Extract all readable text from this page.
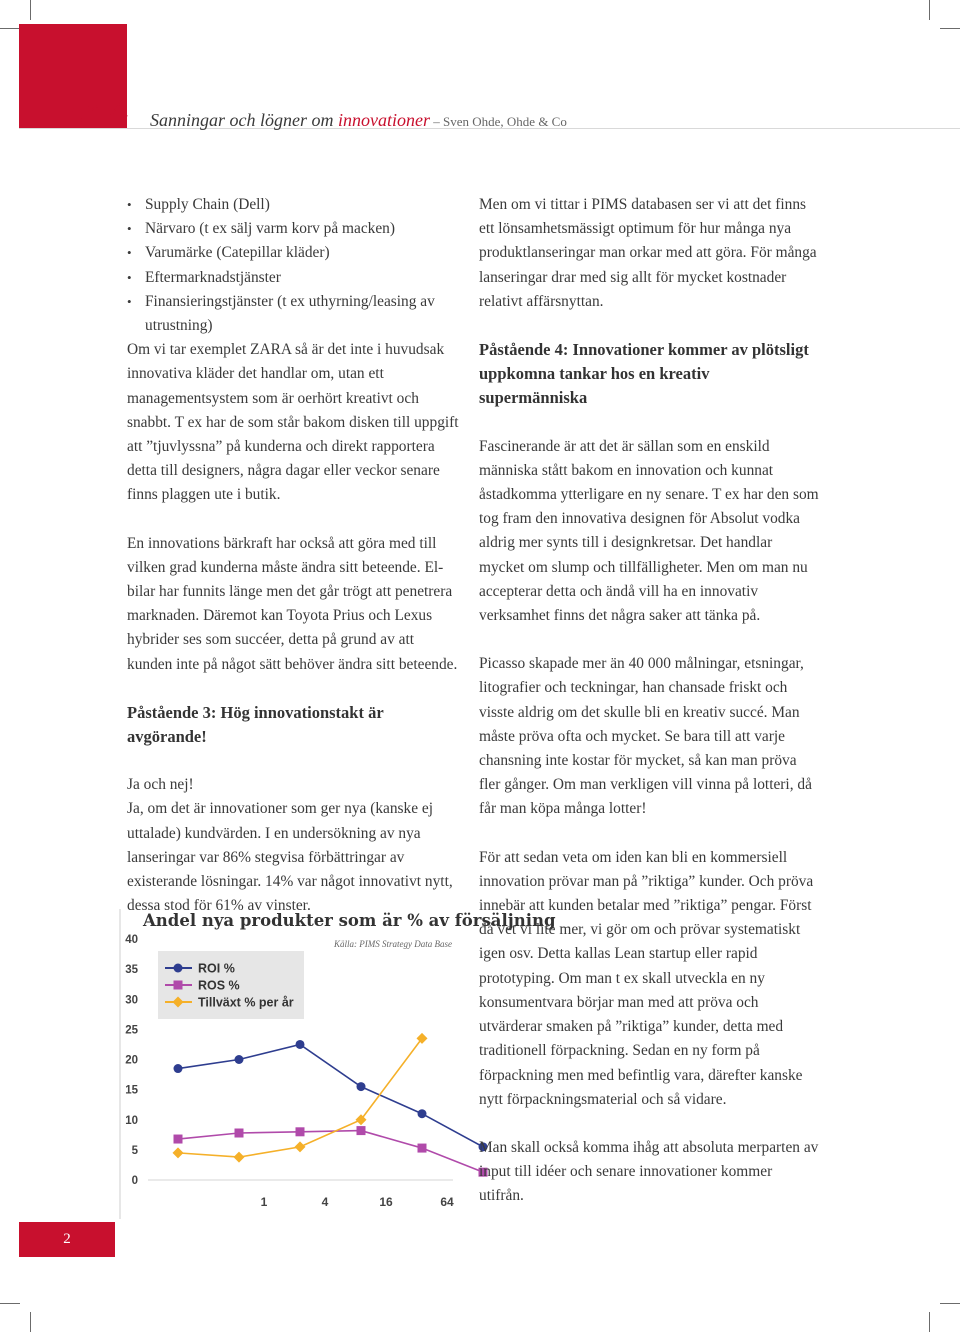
nr 4 Sanningar och lögner om innovationer – Sven Ohde, Ohde & Co
• Supply Chain (Dell)
• Närvaro (t ex sälj varm korv på macken)
• Varumärke (Catepillar kläder)
• Eftermarknadstjänster
• Finansieringstjänster (t ex uthyrning/leasing av utrustning)

Om vi tar exemplet ZARA så är det inte i huvudsak innovativa kläder det handlar om, utan ett managementsystem som är oerhört kreativt och snabbt. T ex har de som står bakom disken till uppgift att ”tjuvlyssna” på kunderna och direkt rapportera detta till designers, några dagar eller veckor senare finns plaggen ute i butik.

En innovations bärkraft har också att göra med till vilken grad kunderna måste ändra sitt beteende. El-bilar har funnits länge men det går trögt att penetrera marknaden. Däremot kan Toyota Prius och Lexus hybrider ses som succéer, detta på grund av att kunden inte på något sätt behöver ändra sitt beteende.

Påstående 3: Hög innovationstakt är avgörande!

Ja och nej!

Ja, om det är innovationer som ger nya (kanske ej uttalade) kundvärden. I en undersökning av nya lanseringar var 86% stegvisa förbättringar av existerande lösningar. 14% var något innovativt nytt, dessa stod för 61% av vinster.

Andel nya produkter som är % av försäljning
Källa: PIMS Strategy Data Base
0
5
10
15
20
25
30
35
40
1	4	16	64
ROI %
ROS %
Tillväxt % per år

Men om vi tittar i PIMS databasen ser vi att det finns ett lönsamhetsmässigt optimum för hur många nya produktlanseringar man orkar med att göra. För många lanseringar drar med sig allt för mycket kostnader relativt affärsnyttan.

Påstående 4: Innovationer kommer av plötsligt uppkomna tankar hos en kreativ supermänniska

Fascinerande är att det är sällan som en enskild människa stått bakom en innovation och kunnat åstadkomma ytterligare en ny senare. T ex har den som tog fram den innovativa designen för Absolut vodka aldrig mer synts till i designkretsar. Det handlar mycket om slump och tillfälligheter. Men om man nu accepterar detta och ändå vill ha en innovativ verksamhet finns det några saker att tänka på.

Picasso skapade mer än 40 000 målningar, etsningar, litografier och teckningar, han chansade friskt och visste aldrig om det skulle bli en kreativ succé. Man måste pröva ofta och mycket. Se bara till att varje chansning inte kostar för mycket, så kan man pröva fler gånger. Om man verkligen vill vinna på lotteri, då får man köpa många lotter!

För att sedan veta om iden kan bli en kommersiell innovation prövar man på ”riktiga” kunder. Och pröva innebär att kunden betalar med ”riktiga” pengar. Först då vet vi lite mer, vi gör om och prövar systematiskt igen osv. Detta kallas Lean startup eller rapid prototyping. Om man t ex skall utveckla en ny konsumentvara börjar man med att pröva och utvärderar smaken på ”riktiga” kunder, detta med traditionell förpackning. Sedan en ny form på förpackning men med befintlig vara, därefter kanske nytt förpackningsmaterial och så vidare.

Man skall också komma ihåg att absoluta merparten av input till idéer och senare innovationer kommer utifrån.

2
